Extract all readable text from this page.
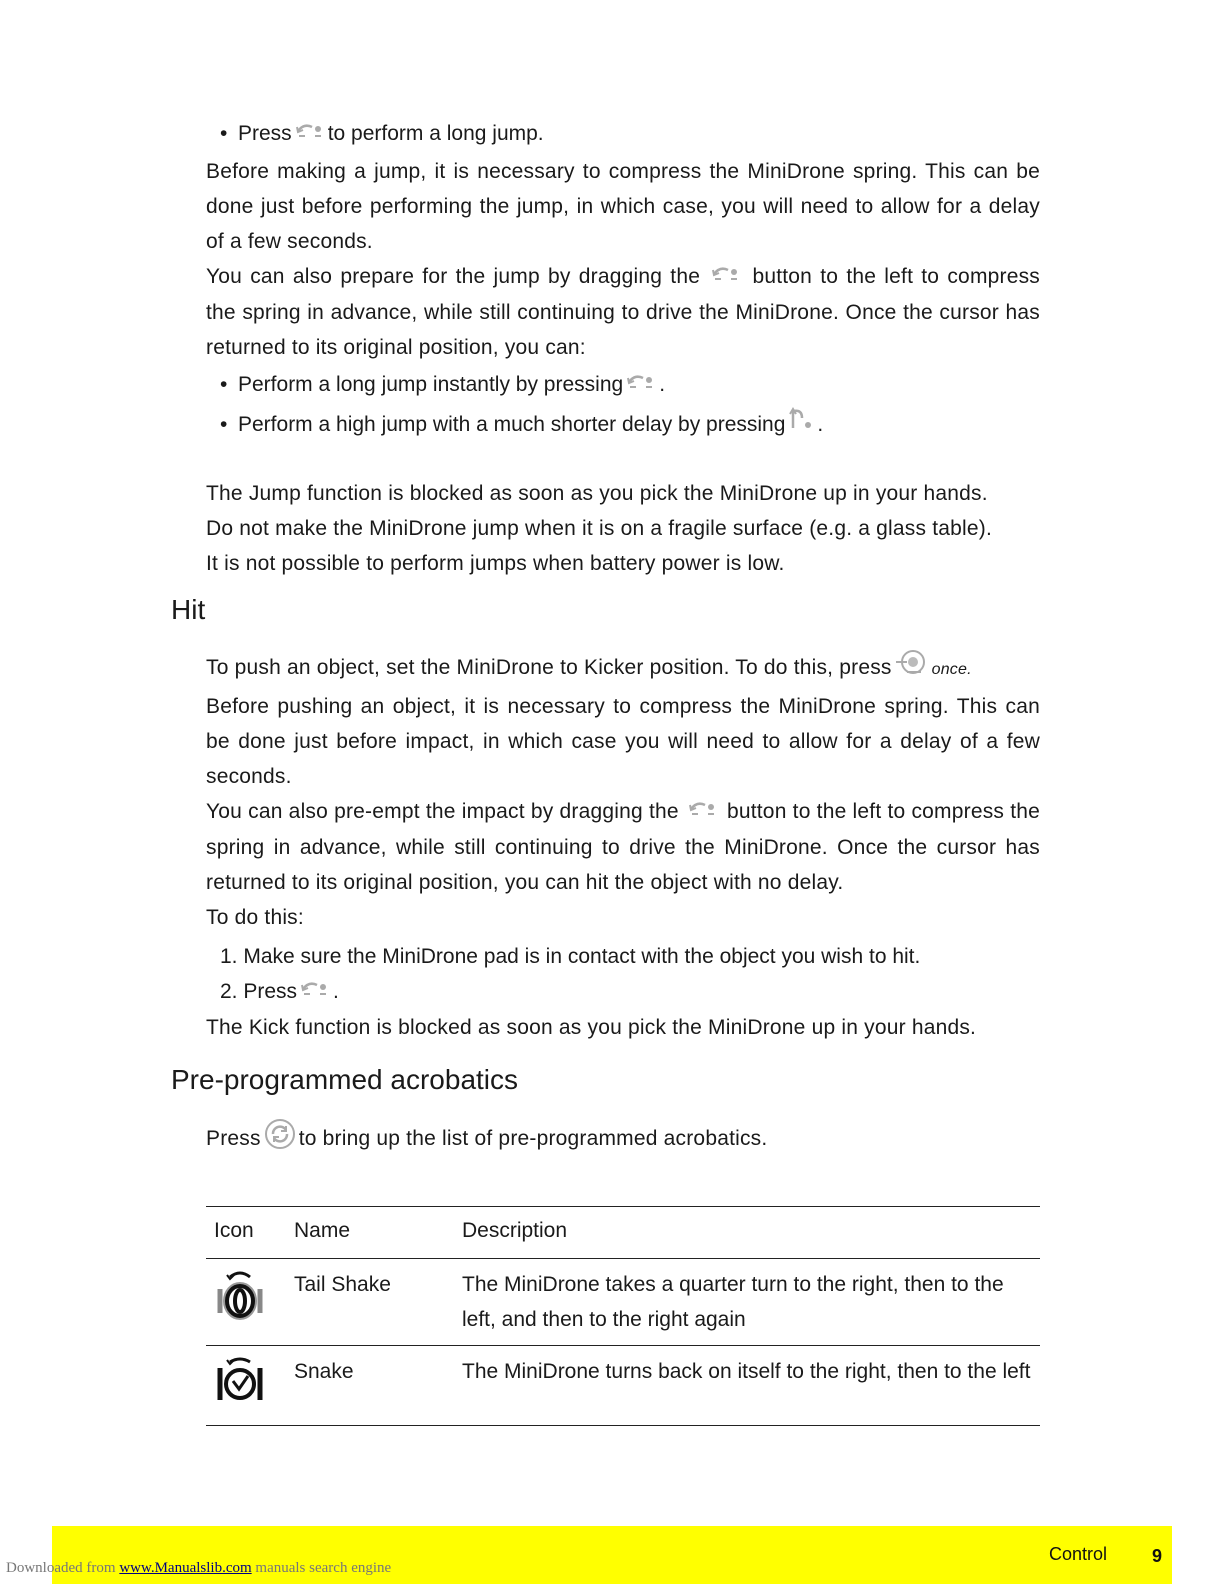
• Press to perform a long jump.

Before making a jump, it is necessary to compress the MiniDrone spring. This can be done just before performing the jump, in which case, you will need to allow for a delay of a few seconds.

You can also prepare for the jump by dragging the button to the left to compress the spring in advance, while still continuing to drive the MiniDrone. Once the cursor has returned to its original position, you can:

• Perform a long jump instantly by pressing .
• Perform a high jump with a much shorter delay by pressing .

The Jump function is blocked as soon as you pick the MiniDrone up in your hands.

Do not make the MiniDrone jump when it is on a fragile surface (e.g. a glass table).

It is not possible to perform jumps when battery power is low.

Hit

To push an object, set the MiniDrone to Kicker position. To do this, press	once.

Before pushing an object, it is necessary to compress the MiniDrone spring. This can be done just before impact, in which case you will need to allow for a delay of a few seconds.

You can also pre-empt the impact by dragging the button to the left to compress the spring in advance, while still continuing to drive the MiniDrone. Once the cursor has returned to its original position, you can hit the object with no delay.

To do this:

1. Make sure the MiniDrone pad is in contact with the object you wish to hit.
2. Press .

The Kick function is blocked as soon as you pick the MiniDrone up in your hands.

Pre-programmed acrobatics

Press to bring up the list of pre-programmed acrobatics.

Icon	Name	Description
	Tail Shake	The MiniDrone takes a quarter turn to the right, then to the left, and then to the right again
	Snake	The MiniDrone turns back on itself to the right, then to the left
Control 9
Downloaded from www.Manualslib.com manuals search engine
